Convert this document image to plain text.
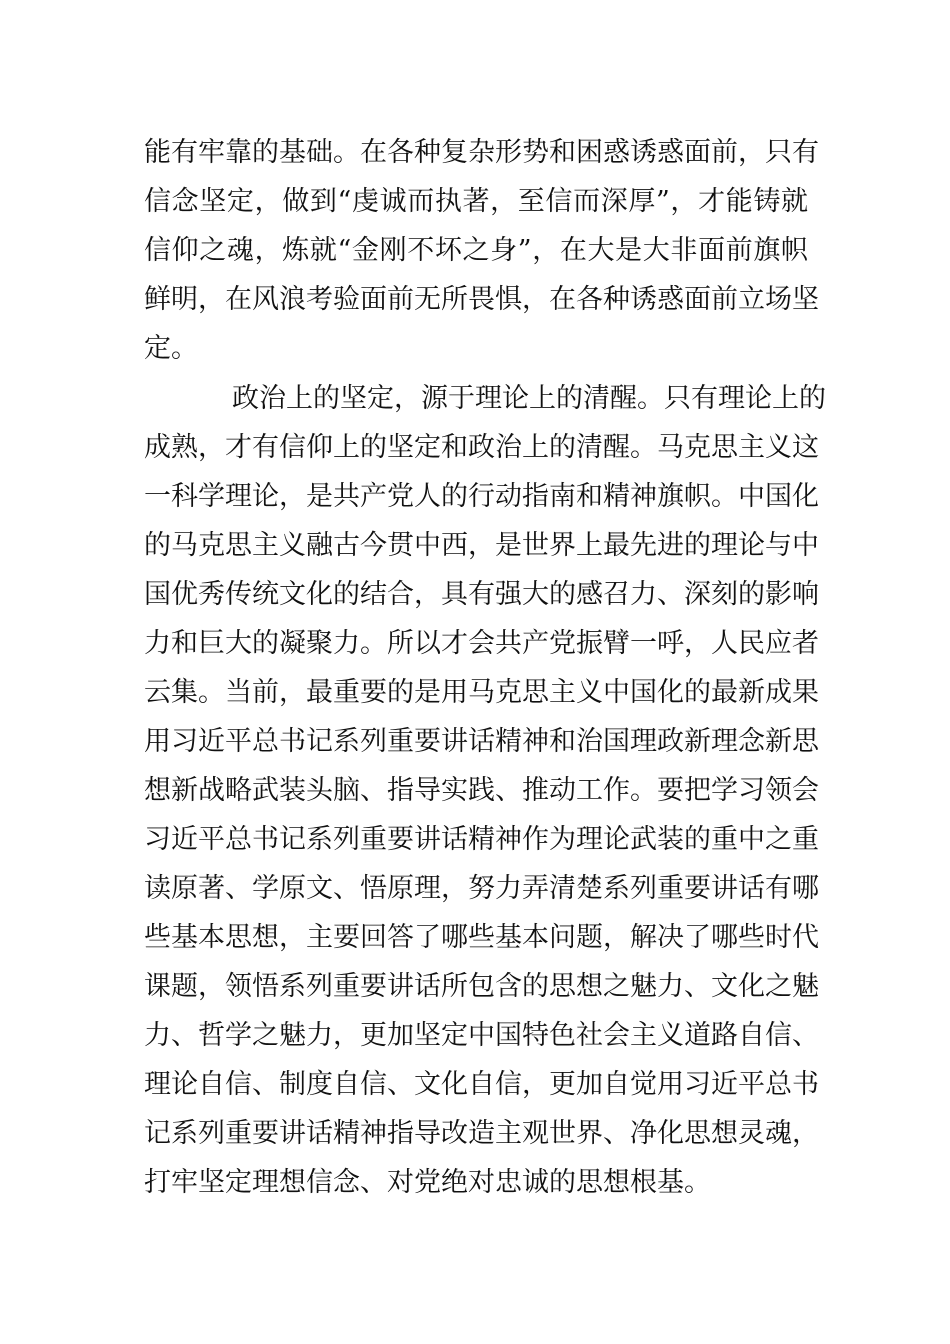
能有牢靠的基础。在各种复杂形势和困惑诱惑面前，只有
信念坚定，做到“虔诚而执著，至信而深厚”，才能铸就
信仰之魂，炼就“金刚不坏之身”，在大是大非面前旗帜
鲜明，在风浪考验面前无所畏惧，在各种诱惑面前立场坚
定。
政治上的坚定，源于理论上的清醒。只有理论上的
成熟，才有信仰上的坚定和政治上的清醒。马克思主义这
一科学理论，是共产党人的行动指南和精神旗帜。中国化
的马克思主义融古今贯中西，是世界上最先进的理论与中
国优秀传统文化的结合，具有强大的感召力、深刻的影响
力和巨大的凝聚力。所以才会共产党振臂一呼，人民应者
云集。当前，最重要的是用马克思主义中国化的最新成果
用习近平总书记系列重要讲话精神和治国理政新理念新思
想新战略武装头脑、指导实践、推动工作。要把学习领会
习近平总书记系列重要讲话精神作为理论武装的重中之重
读原著、学原文、悟原理，努力弄清楚系列重要讲话有哪
些基本思想，主要回答了哪些基本问题，解决了哪些时代
课题，领悟系列重要讲话所包含的思想之魅力、文化之魅
力、哲学之魅力，更加坚定中国特色社会主义道路自信、
理论自信、制度自信、文化自信，更加自觉用习近平总书
记系列重要讲话精神指导改造主观世界、净化思想灵魂，
打牢坚定理想信念、对党绝对忠诚的思想根基。
